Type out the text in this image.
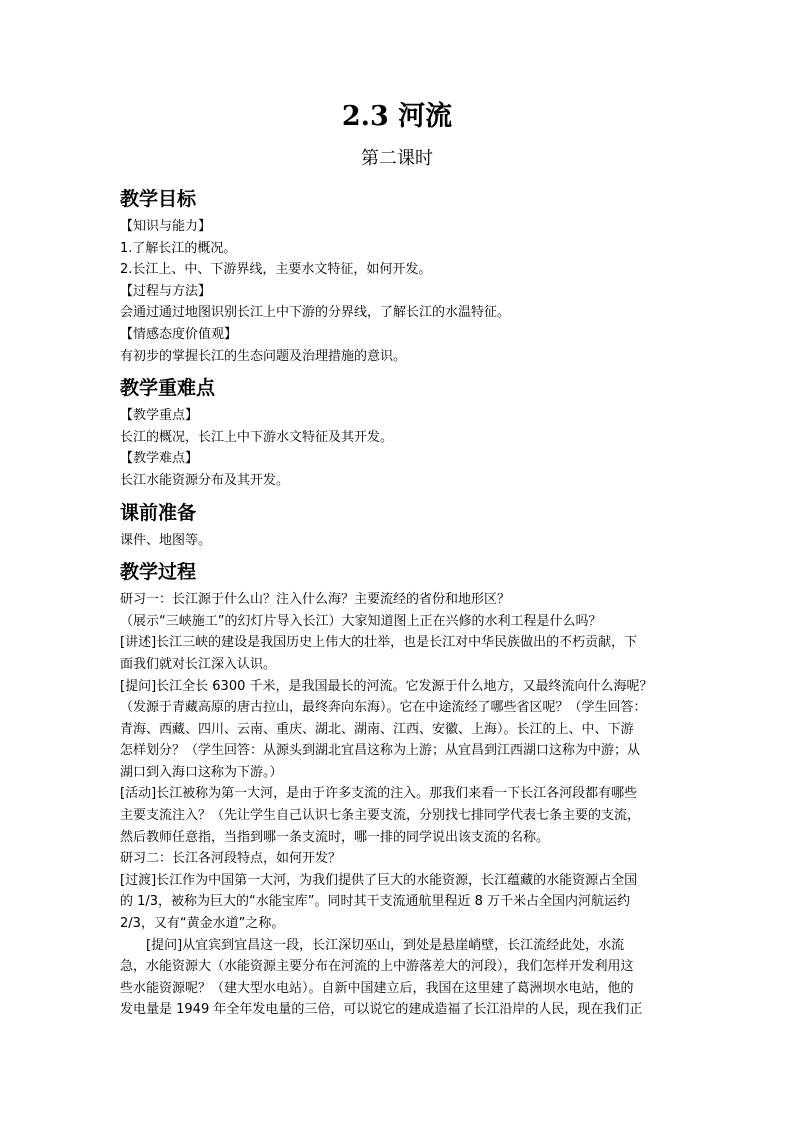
2.3 河流
第二课时
教学目标

【知识与能力】

1.了解长江的概况。

2.长江上、中、下游界线，主要水文特征，如何开发。

【过程与方法】

会通过通过地图识别长江上中下游的分界线，了解长江的水温特征。

【情感态度价值观】

有初步的掌握长江的生态问题及治理措施的意识。

教学重难点

【教学重点】

长江的概况，长江上中下游水文特征及其开发。

【教学难点】

长江水能资源分布及其开发。

课前准备

课件、地图等。

教学过程

研习一：长江源于什么山？注入什么海？主要流经的省份和地形区？

（展示“三峡施工”的幻灯片导入长江）大家知道图上正在兴修的水利工程是什么吗？

[讲述]长江三峡的建设是我国历史上伟大的壮举，也是长江对中华民族做出的不朽贡献，下

面我们就对长江深入认识。

[提问]长江全长 6300 千米，是我国最长的河流。它发源于什么地方，又最终流向什么海呢？

（发源于青藏高原的唐古拉山，最终奔向东海）。它在中途流经了哪些省区呢？（学生回答：

青海、西藏、四川、云南、重庆、湖北、湖南、江西、安徽、上海）。长江的上、中、下游

怎样划分？（学生回答：从源头到湖北宜昌这称为上游；从宜昌到江西湖口这称为中游；从

湖口到入海口这称为下游。）

[活动]长江被称为第一大河，是由于许多支流的注入。那我们来看一下长江各河段都有哪些

主要支流注入？（先让学生自己认识七条主要支流，分别找七排同学代表七条主要的支流，

然后教师任意指，当指到哪一条支流时，哪一排的同学说出该支流的名称。

研习二：长江各河段特点，如何开发？

[过渡]长江作为中国第一大河，为我们提供了巨大的水能资源，长江蕴藏的水能资源占全国

的 1/3，被称为巨大的“水能宝库”。同时其干支流通航里程近 8 万千米占全国内河航运约

2/3，又有“黄金水道”之称。

[提问]从宜宾到宜昌这一段，长江深切巫山，到处是悬崖峭壁，长江流经此处，水流

急，水能资源大（水能资源主要分布在河流的上中游落差大的河段），我们怎样开发利用这

些水能资源呢？（建大型水电站）。自新中国建立后，我国在这里建了葛洲坝水电站，他的

发电量是 1949 年全年发电量的三倍，可以说它的建成造福了长江沿岸的人民，现在我们正
